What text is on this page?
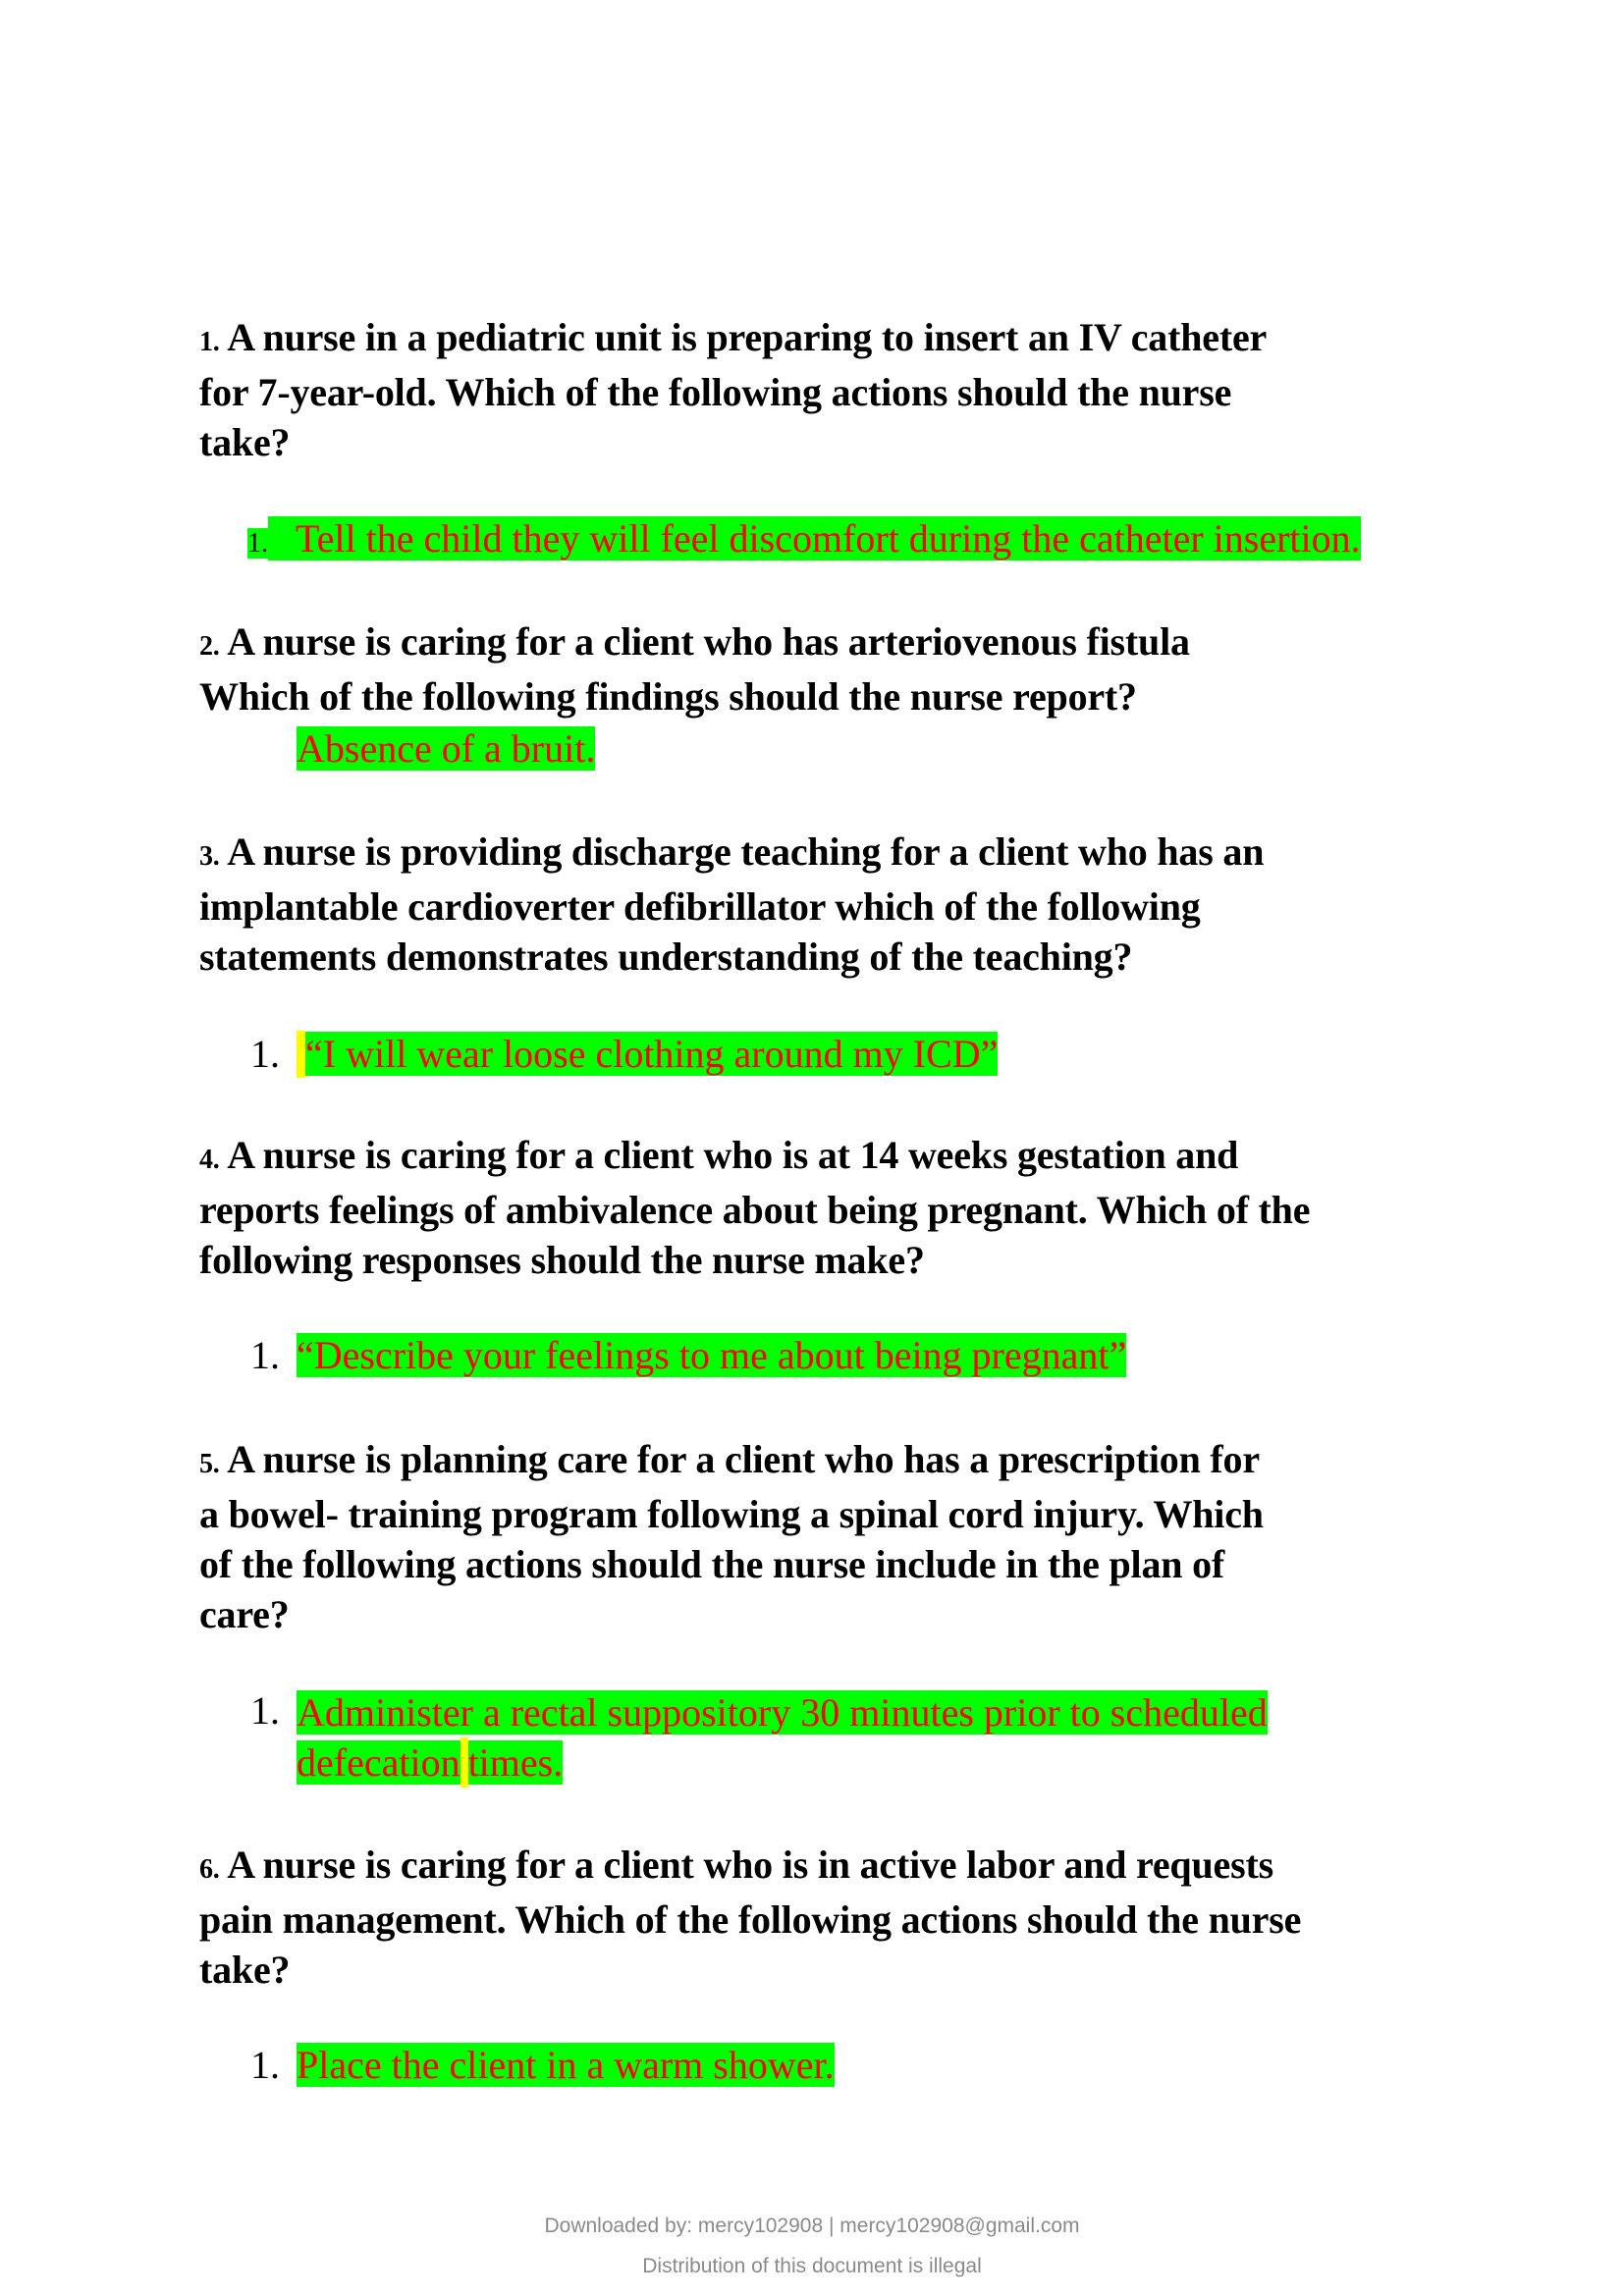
1. A nurse in a pediatric unit is preparing to insert an IV catheter
for 7-year-old. Which of the following actions should the nurse
take?
1. Tell the child they will feel discomfort during the catheter insertion.
2. A nurse is caring for a client who has arteriovenous fistula
Which of the following findings should the nurse report?
Absence of a bruit.
3. A nurse is providing discharge teaching for a client who has an
implantable cardioverter defibrillator which of the following
statements demonstrates understanding of the teaching?
1. “I will wear loose clothing around my ICD”
4. A nurse is caring for a client who is at 14 weeks gestation and
reports feelings of ambivalence about being pregnant. Which of the
following responses should the nurse make?
1. “Describe your feelings to me about being pregnant”
5. A nurse is planning care for a client who has a prescription for
a bowel- training program following a spinal cord injury. Which
of the following actions should the nurse include in the plan of
care?
1. Administer a rectal suppository 30 minutes prior to scheduled
defecation times.
6. A nurse is caring for a client who is in active labor and requests
pain management. Which of the following actions should the nurse
take?
1. Place the client in a warm shower.
Downloaded by: mercy102908 | mercy102908@gmail.com
Distribution of this document is illegal
